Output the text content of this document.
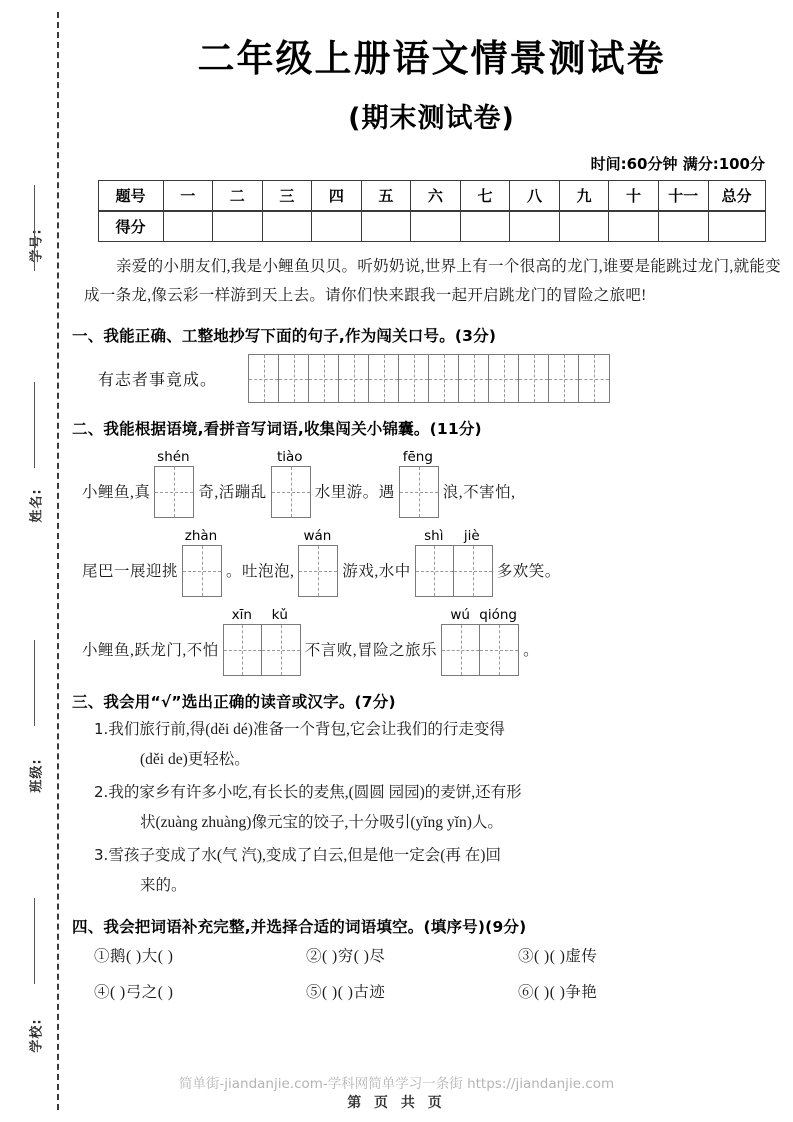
学号:
姓名:
班级:
学校:
二年级上册语文情景测试卷
(期末测试卷)
时间:60分钟 满分:100分
题号	一	二	三	四	五	六	七	八	九	十	十一	总分
得分												
亲爱的小朋友们,我是小鲤鱼贝贝。听奶奶说,世界上有一个很高的龙门,谁要是能跳过龙门,就能变成一条龙,像云彩一样游到天上去。请你们快来跟我一起开启跳龙门的冒险之旅吧!
一、我能正确、工整地抄写下面的句子,作为闯关口号。(3分)
有志者事竟成。
二、我能根据语境,看拼音写词语,收集闯关小锦囊。(11分)
小鲤鱼,真
shén
奇,活蹦乱
tiào
水里游。遇
fēng
浪,不害怕,
尾巴一展迎挑
zhàn
。吐泡泡,
wán
游戏,水中
shì	jiè
多欢笑。
小鲤鱼,跃龙门,不怕
xīn	kǔ
不言败,冒险之旅乐
wú qióng
。
三、我会用“√”选出正确的读音或汉字。(7分)
1.我们旅行前,得(děi dé)准备一个背包,它会让我们的行走变得
(děi de)更轻松。
2.我的家乡有许多小吃,有长长的麦焦,(圆圆 园园)的麦饼,还有形
状(zuàng zhuàng)像元宝的饺子,十分吸引(yǐng yǐn)人。
3.雪孩子变成了水(气 汽),变成了白云,但是他一定会(再 在)回
来的。
四、我会把词语补充完整,并选择合适的词语填空。(填序号)(9分)
①鹅( )大( )	②( )穷( )尽	③( )( )虚传
④( )弓之( )	⑤( )( )古迹	⑥( )( )争艳
简单街-jiandanjie.com-学科网简单学习一条街 https://jiandanjie.com
第 页 共 页
